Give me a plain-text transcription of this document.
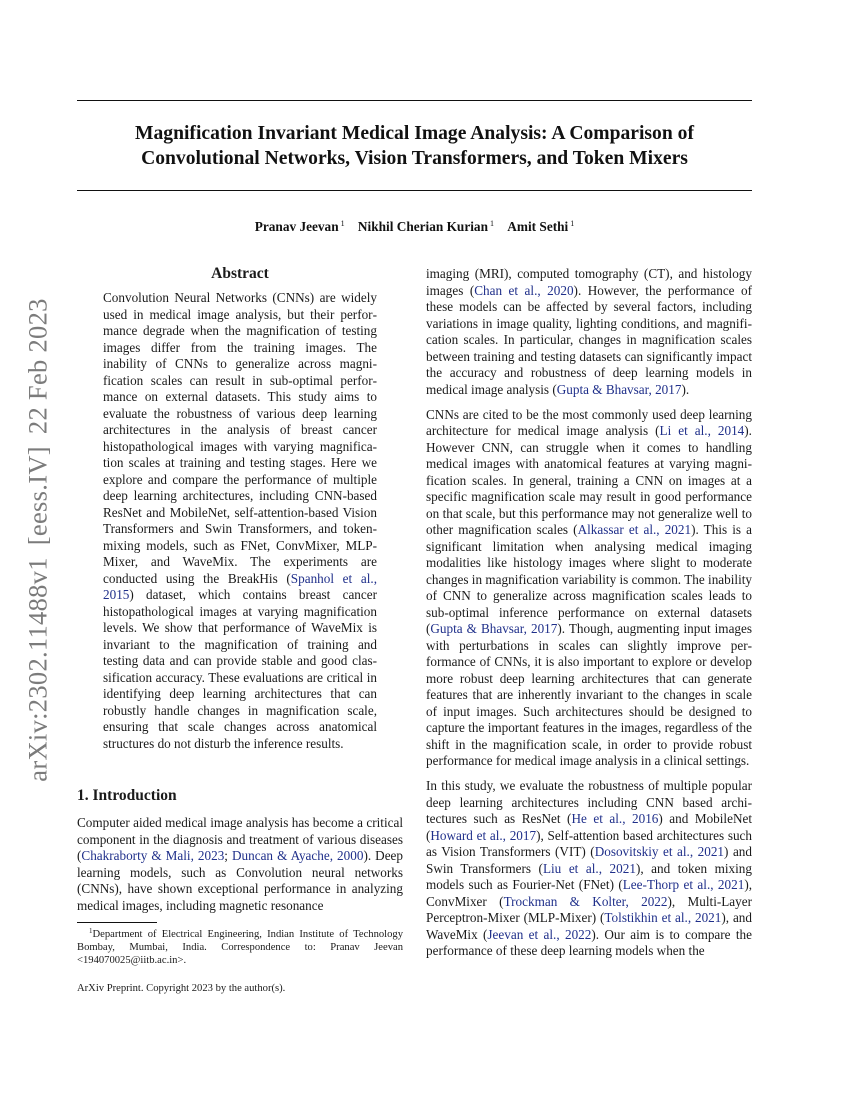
arXiv:2302.11488v1[eess.IV]22 Feb 2023
Magnification Invariant Medical Image Analysis: A Comparison of
Convolutional Networks, Vision Transformers, and Token Mixers
Pranav Jeevan $^1$ Nikhil Cherian Kurian $^1$ Amit Sethi $^1$
Abstract

Convolution Neural Networks (CNNs) are widely used in medical image analysis, but their performance degrade when the magnification of testing images differ from the training images. The inability of CNNs to generalize across magnification scales can result in sub-optimal performance on external datasets. This study aims to evaluate the robustness of various deep learning architectures in the analysis of breast cancer histopathological images with varying magnification scales at training and testing stages. Here we explore and compare the performance of multiple deep learning architectures, including CNN-based ResNet and MobileNet, self-attention-based Vision Transformers and Swin Transformers, and token-mixing models, such as FNet, ConvMixer, MLP-Mixer, and WaveMix. The experiments are conducted using the BreakHis (Spanhol et al., 2015) dataset, which contains breast cancer histopathological images at varying magnification levels. We show that performance of WaveMix is invariant to the magnification of training and testing data and can provide stable and good classification accuracy. These evaluations are critical in identifying deep learning architectures that can robustly handle changes in magnification scale, ensuring that scale changes across anatomical structures do not disturb the inference results.

1. Introduction

Computer aided medical image analysis has become a critical component in the diagnosis and treatment of various diseases (Chakraborty & Mali, 2023; Duncan & Ayache, 2000). Deep learning models, such as Convolution neural networks (CNNs), have shown exceptional performance in analyzing medical images, including magnetic resonance

$^1$Department of Electrical Engineering, Indian Institute of Technology Bombay, Mumbai, India. Correspondence to: Pranav Jeevan <194070025@iitb.ac.in>.
ArXiv Preprint. Copyright 2023 by the author(s).

imaging (MRI), computed tomography (CT), and histology images (Chan et al., 2020). However, the performance of these models can be affected by several factors, including variations in image quality, lighting conditions, and magnification scales. In particular, changes in magnification scales between training and testing datasets can significantly impact the accuracy and robustness of deep learning models in medical image analysis (Gupta & Bhavsar, 2017).

CNNs are cited to be the most commonly used deep learning architecture for medical image analysis (Li et al., 2014). However CNN, can struggle when it comes to handling medical images with anatomical features at varying magnification scales. In general, training a CNN on images at a specific magnification scale may result in good performance on that scale, but this performance may not generalize well to other magnification scales (Alkassar et al., 2021). This is a significant limitation when analysing medical imaging modalities like histology images where slight to moderate changes in magnification variability is common. The inability of CNN to generalize across magnification scales leads to sub-optimal inference performance on external datasets (Gupta & Bhavsar, 2017). Though, augmenting input images with perturbations in scales can slightly improve performance of CNNs, it is also important to explore or develop more robust deep learning architectures that can generate features that are inherently invariant to the changes in scale of input images. Such architectures should be designed to capture the important features in the images, regardless of the shift in the magnification scale, in order to provide robust performance for medical image analysis in a clinical settings.

In this study, we evaluate the robustness of multiple popular deep learning architectures including CNN based architectures such as ResNet (He et al., 2016) and MobileNet (Howard et al., 2017), Self-attention based architectures such as Vision Transformers (VIT) (Dosovitskiy et al., 2021) and Swin Transformers (Liu et al., 2021), and token mixing models such as Fourier-Net (FNet) (Lee-Thorp et al., 2021), ConvMixer (Trockman & Kolter, 2022), Multi-Layer Perceptron-Mixer (MLP-Mixer) (Tolstikhin et al., 2021), and WaveMix (Jeevan et al., 2022). Our aim is to compare the performance of these deep learning models when the
